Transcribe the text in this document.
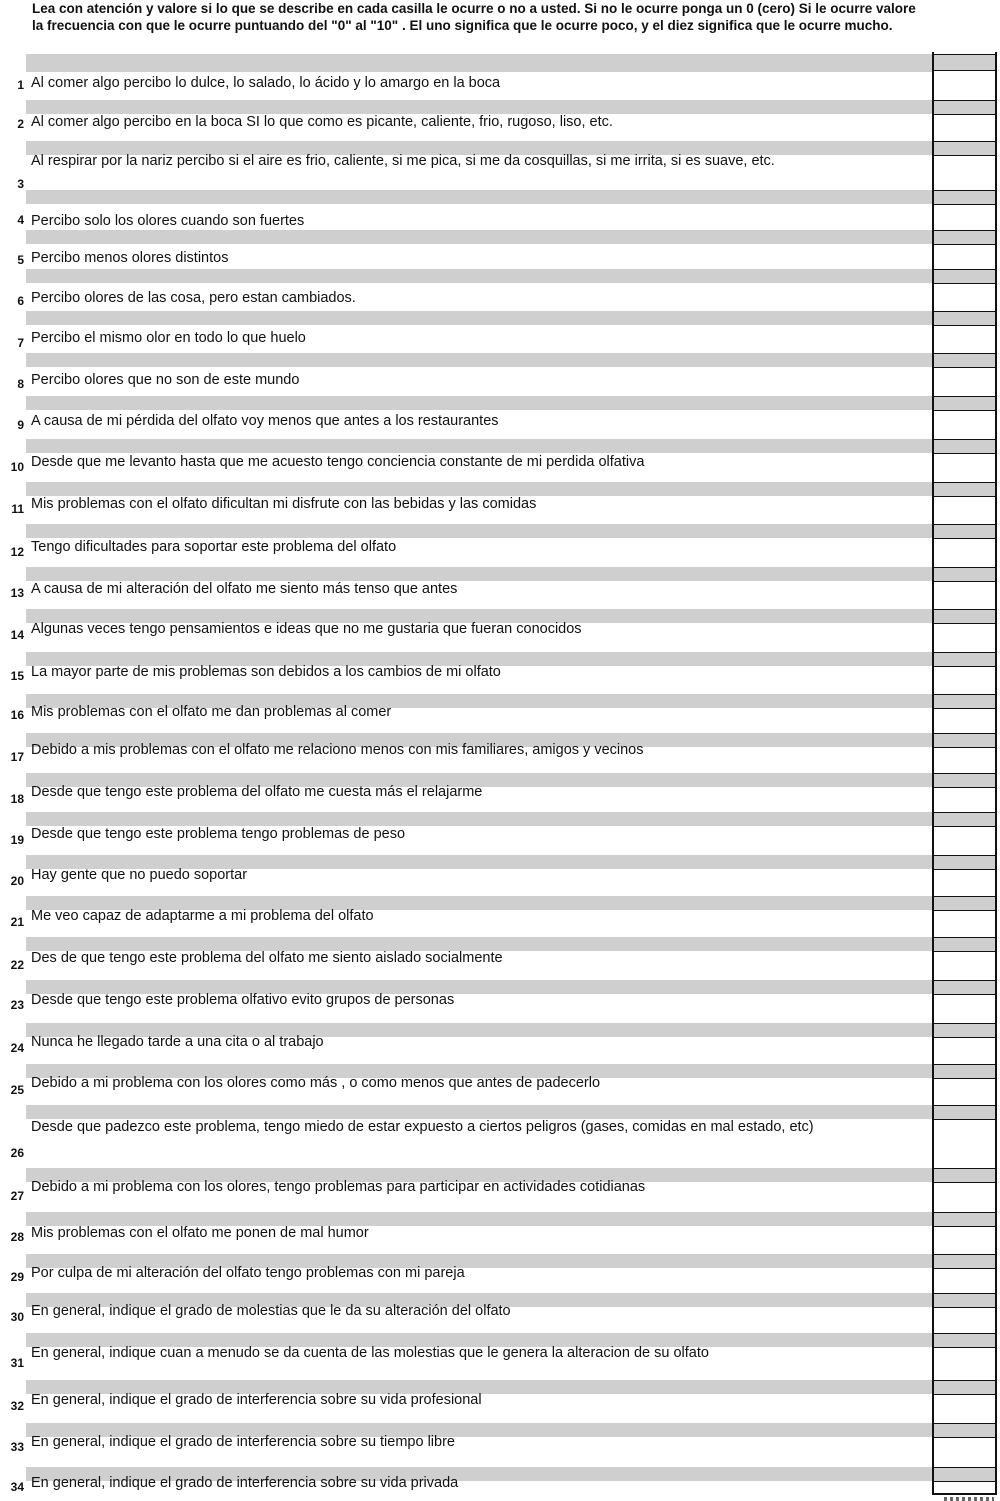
Lea con atención y valore si lo que se describe en cada casilla le ocurre o no a usted. Si no le ocurre ponga un 0 (cero) Si le ocurre valore la frecuencia con que le ocurre puntuando del "0" al "10" . El uno significa que le ocurre poco, y el diez significa que le ocurre mucho.

1 Al comer algo percibo lo dulce, lo salado, lo ácido y lo amargo en la boca
2 Al comer algo percibo en la boca SI lo que como es picante, caliente, frio, rugoso, liso, etc.
3
Al respirar por la nariz percibo si el aire es frio, caliente, si me pica, si me da cosquillas, si me irrita, si es suave, etc.
4 Percibo solo los olores cuando son fuertes
5 Percibo menos olores distintos
6 Percibo olores de las cosa, pero estan cambiados.
7 Percibo el mismo olor en todo lo que huelo
8 Percibo olores que no son de este mundo
9 A causa de mi pérdida del olfato voy menos que antes a los restaurantes
10 Desde que me levanto hasta que me acuesto tengo conciencia constante de mi perdida olfativa
11 Mis problemas con el olfato dificultan mi disfrute con las bebidas y las comidas
12 Tengo dificultades para soportar este problema del olfato
13 A causa de mi alteración del olfato me siento más tenso que antes
14 Algunas veces tengo pensamientos e ideas que no me gustaria que fueran conocidos
15 La mayor parte de mis problemas son debidos a los cambios de mi olfato
16 Mis problemas con el olfato me dan problemas al comer
17 Debido a mis problemas con el olfato me relaciono menos con mis familiares, amigos y vecinos
18 Desde que tengo este problema del olfato me cuesta más el relajarme
19 Desde que tengo este problema tengo problemas de peso
20 Hay gente que no puedo soportar
21 Me veo capaz de adaptarme a mi problema del olfato
22 Des de que tengo este problema del olfato me siento aislado socialmente
23 Desde que tengo este problema olfativo evito grupos de personas
24 Nunca he llegado tarde a una cita o al trabajo
25 Debido a mi problema con los olores como más , o como menos que antes de padecerlo
26
Desde que padezco este problema, tengo miedo de estar expuesto a ciertos peligros (gases, comidas en mal estado, etc)
27
Debido a mi problema con los olores, tengo problemas para participar en actividades cotidianas
28 Mis problemas con el olfato me ponen de mal humor
29 Por culpa de mi alteración del olfato tengo problemas con mi pareja
30 En general, indique el grado de molestias que le da su alteración del olfato
31
En general, indique cuan a menudo se da cuenta de las molestias que le genera la alteracion de su olfato
32 En general, indique el grado de interferencia sobre su vida profesional
33 En general, indique el grado de interferencia sobre su tiempo libre
34 En general, indique el grado de interferencia sobre su vida privada
